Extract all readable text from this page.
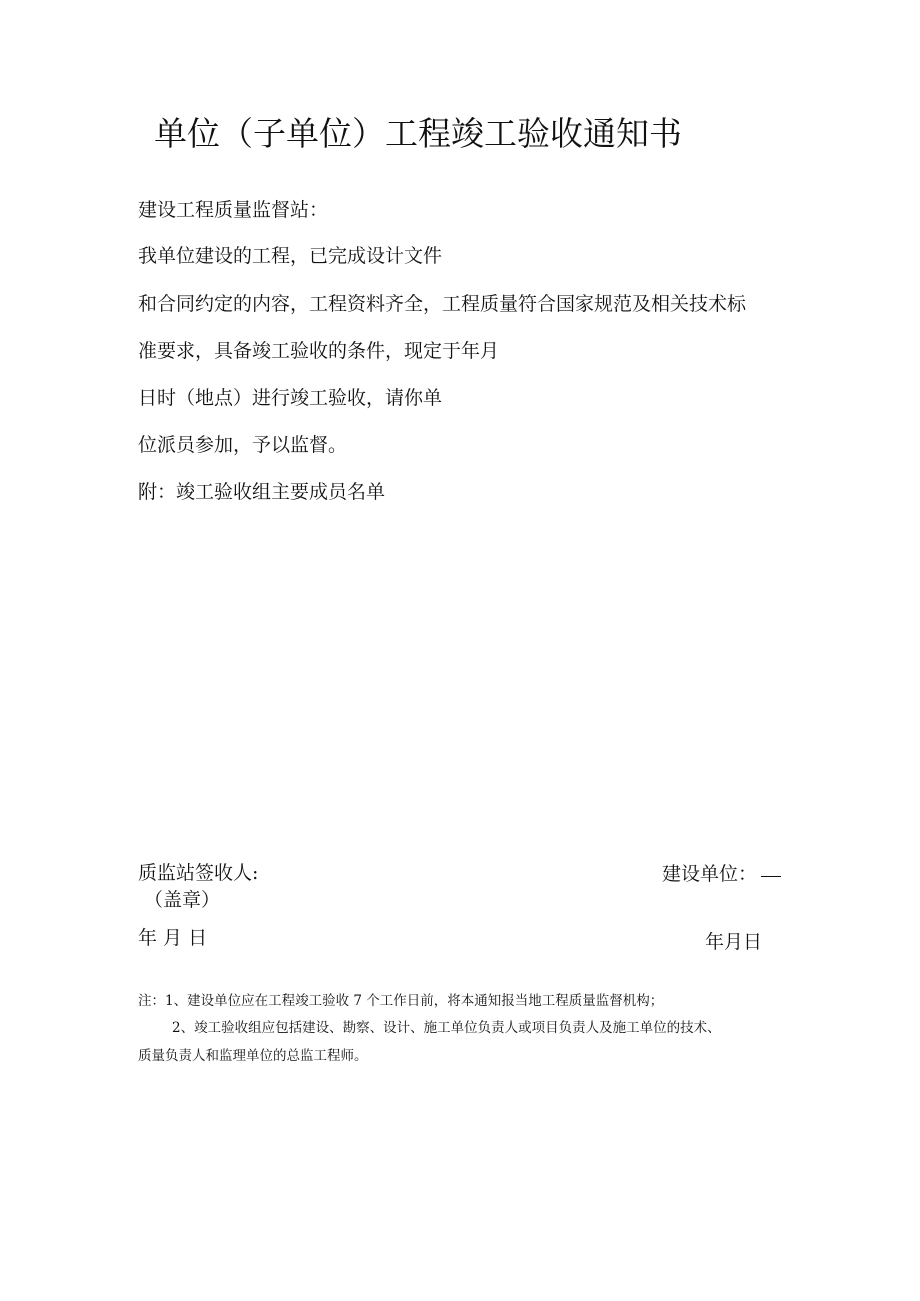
单位（子单位）工程竣工验收通知书
建设工程质量监督站：
我单位建设的工程，已完成设计文件
和合同约定的内容，工程资料齐全，工程质量符合国家规范及相关技术标
准要求，具备竣工验收的条件，现定于年月
日时（地点）进行竣工验收，请你单
位派员参加，予以监督。
附：竣工验收组主要成员名单
质监站签收人:
（盖章）
年 月 日
建设单位：
年月日
注：1、建设单位应在工程竣工验收 7 个工作日前，将本通知报当地工程质量监督机构；
2、竣工验收组应包括建设、勘察、设计、施工单位负责人或项目负责人及施工单位的技术、
质量负责人和监理单位的总监工程师。
